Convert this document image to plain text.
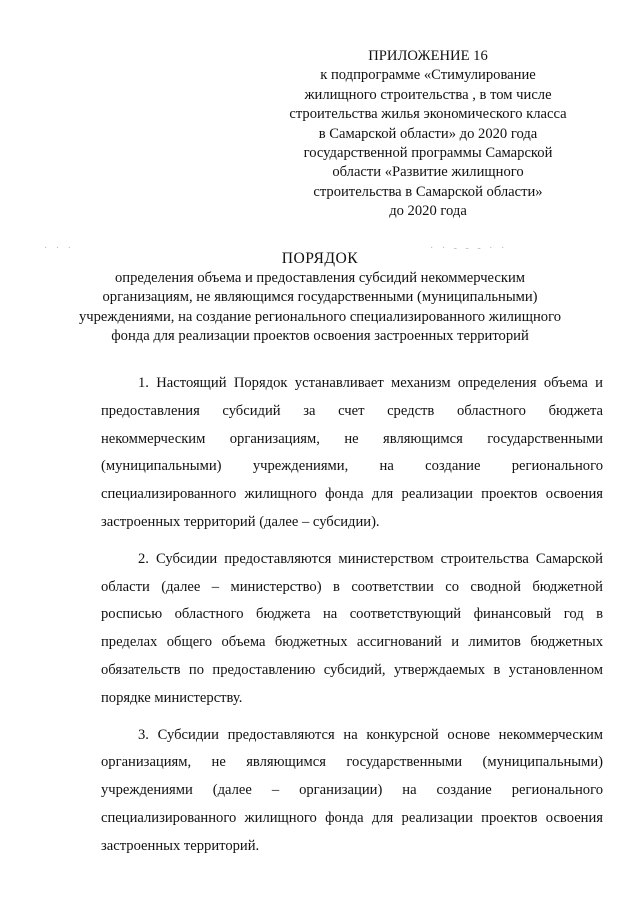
· · ·	· · - - - · ·
ПРИЛОЖЕНИЕ 16
к подпрограмме «Стимулирование
жилищного строительства , в том числе
строительства жилья экономического класса
в Самарской области» до 2020 года
государственной программы Самарской
области «Развитие жилищного
строительства в Самарской области»
до 2020 года
ПОРЯДОК
определения объема и предоставления субсидий некоммерческим
организациям, не являющимся государственными (муниципальными)
учреждениями, на создание регионального специализированного жилищного
фонда для реализации проектов освоения застроенных территорий
1. Настоящий Порядок устанавливает механизм определения объема и
предоставления субсидий за счет средств областного бюджета
некоммерческим организациям, не являющимся государственными
(муниципальными) учреждениями, на создание регионального
специализированного жилищного фонда для реализации проектов освоения
застроенных территорий (далее – субсидии).
2. Субсидии предоставляются министерством строительства Самарской
области (далее – министерство) в соответствии со сводной бюджетной
росписью областного бюджета на соответствующий финансовый год в
пределах общего объема бюджетных ассигнований и лимитов бюджетных
обязательств по предоставлению субсидий, утверждаемых в установленном
порядке министерству.
3. Субсидии предоставляются на конкурсной основе некоммерческим
организациям, не являющимся государственными (муниципальными)
учреждениями (далее – организации) на создание регионального
специализированного жилищного фонда для реализации проектов освоения
застроенных территорий.
